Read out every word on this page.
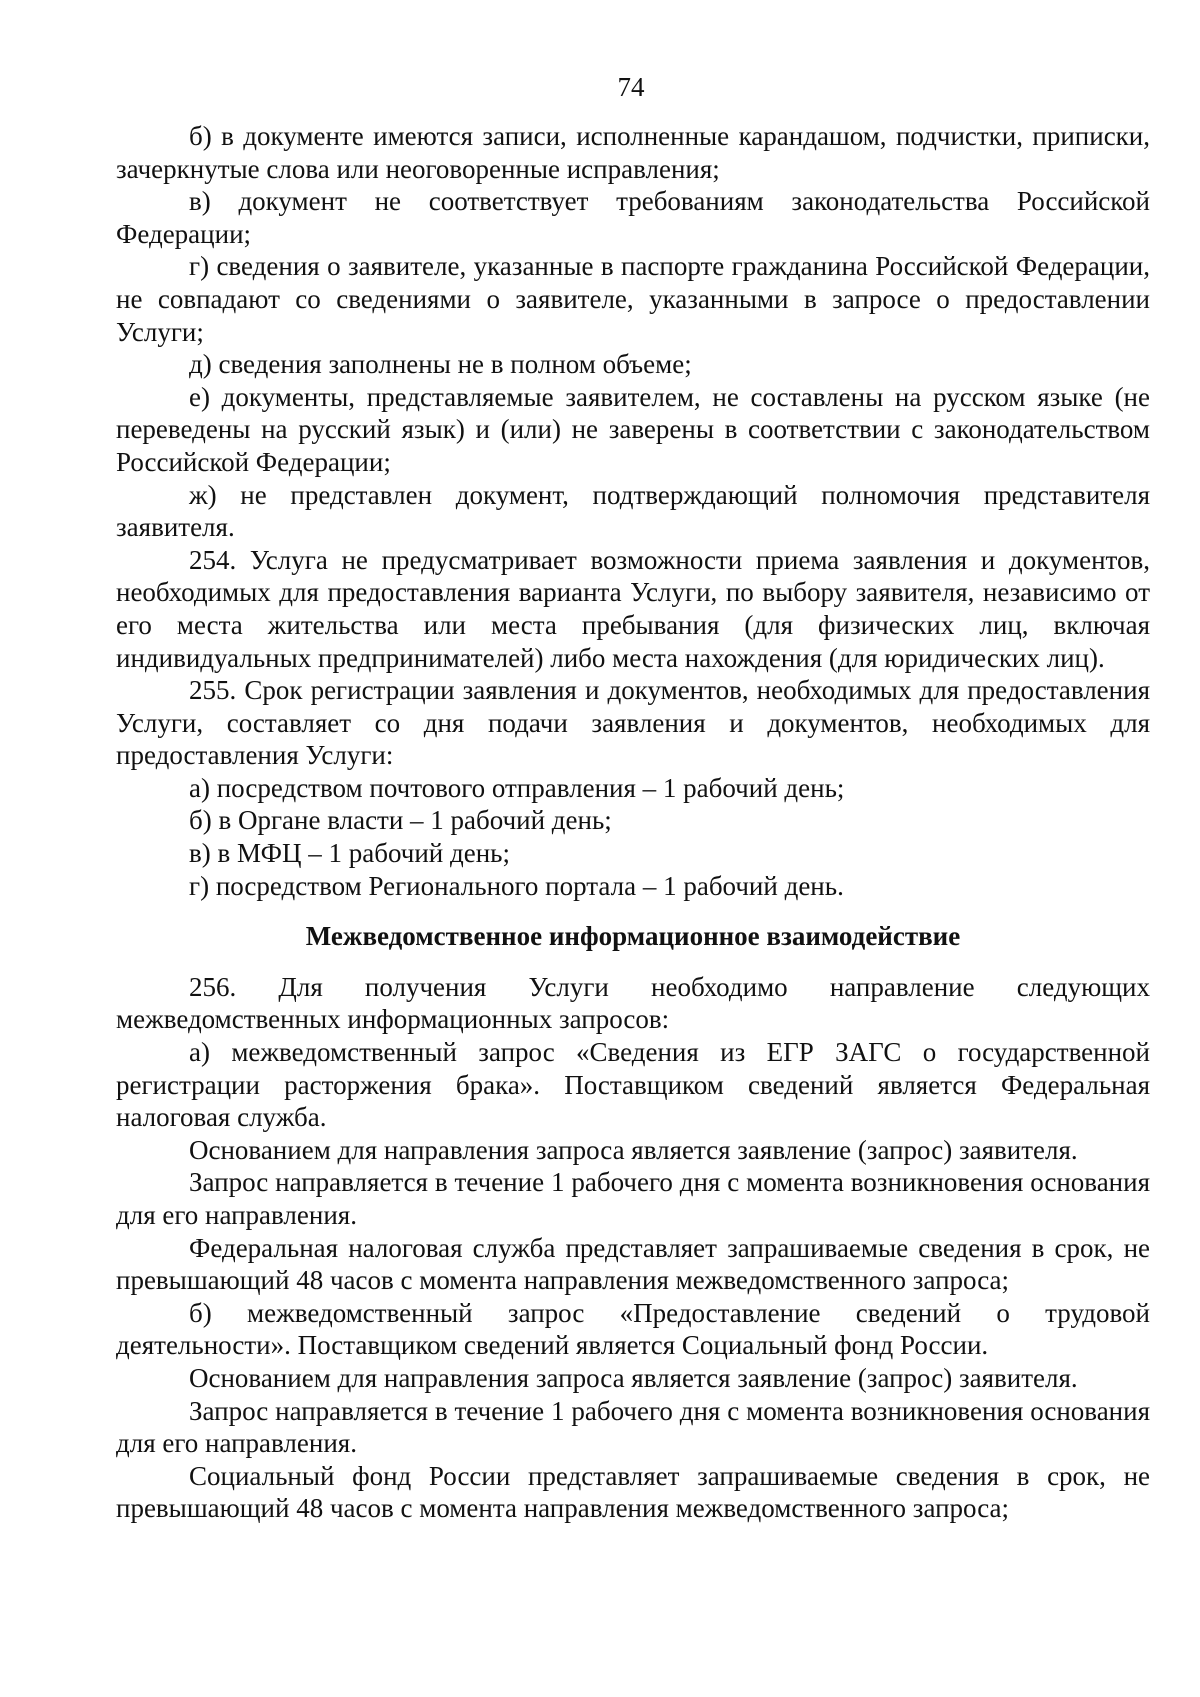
74

б) в документе имеются записи, исполненные карандашом, подчистки, приписки, зачеркнутые слова или неоговоренные исправления;

в) документ не соответствует требованиям законодательства Российской Федерации;

г) сведения о заявителе, указанные в паспорте гражданина Российской Федерации, не совпадают со сведениями о заявителе, указанными в запросе о предоставлении Услуги;

д) сведения заполнены не в полном объеме;

е) документы, представляемые заявителем, не составлены на русском языке (не переведены на русский язык) и (или) не заверены в соответствии с законодательством Российской Федерации;

ж) не представлен документ, подтверждающий полномочия представителя заявителя.

254. Услуга не предусматривает возможности приема заявления и документов, необходимых для предоставления варианта Услуги, по выбору заявителя, независимо от его места жительства или места пребывания (для физических лиц, включая индивидуальных предпринимателей) либо места нахождения (для юридических лиц).

255. Срок регистрации заявления и документов, необходимых для предоставления Услуги, составляет со дня подачи заявления и документов, необходимых для предоставления Услуги:

а) посредством почтового отправления – 1 рабочий день;

б) в Органе власти – 1 рабочий день;

в) в МФЦ – 1 рабочий день;

г) посредством Регионального портала – 1 рабочий день.

Межведомственное информационное взаимодействие

256. Для получения Услуги необходимо направление следующих межведомственных информационных запросов:

а) межведомственный запрос «Сведения из ЕГР ЗАГС о государственной регистрации расторжения брака». Поставщиком сведений является Федеральная налоговая служба.

Основанием для направления запроса является заявление (запрос) заявителя.

Запрос направляется в течение 1 рабочего дня с момента возникновения основания для его направления.

Федеральная налоговая служба представляет запрашиваемые сведения в срок, не превышающий 48 часов с момента направления межведомственного запроса;

б) межведомственный запрос «Предоставление сведений о трудовой деятельности». Поставщиком сведений является Социальный фонд России.

Основанием для направления запроса является заявление (запрос) заявителя.

Запрос направляется в течение 1 рабочего дня с момента возникновения основания для его направления.

Социальный фонд России представляет запрашиваемые сведения в срок, не превышающий 48 часов с момента направления межведомственного запроса;
